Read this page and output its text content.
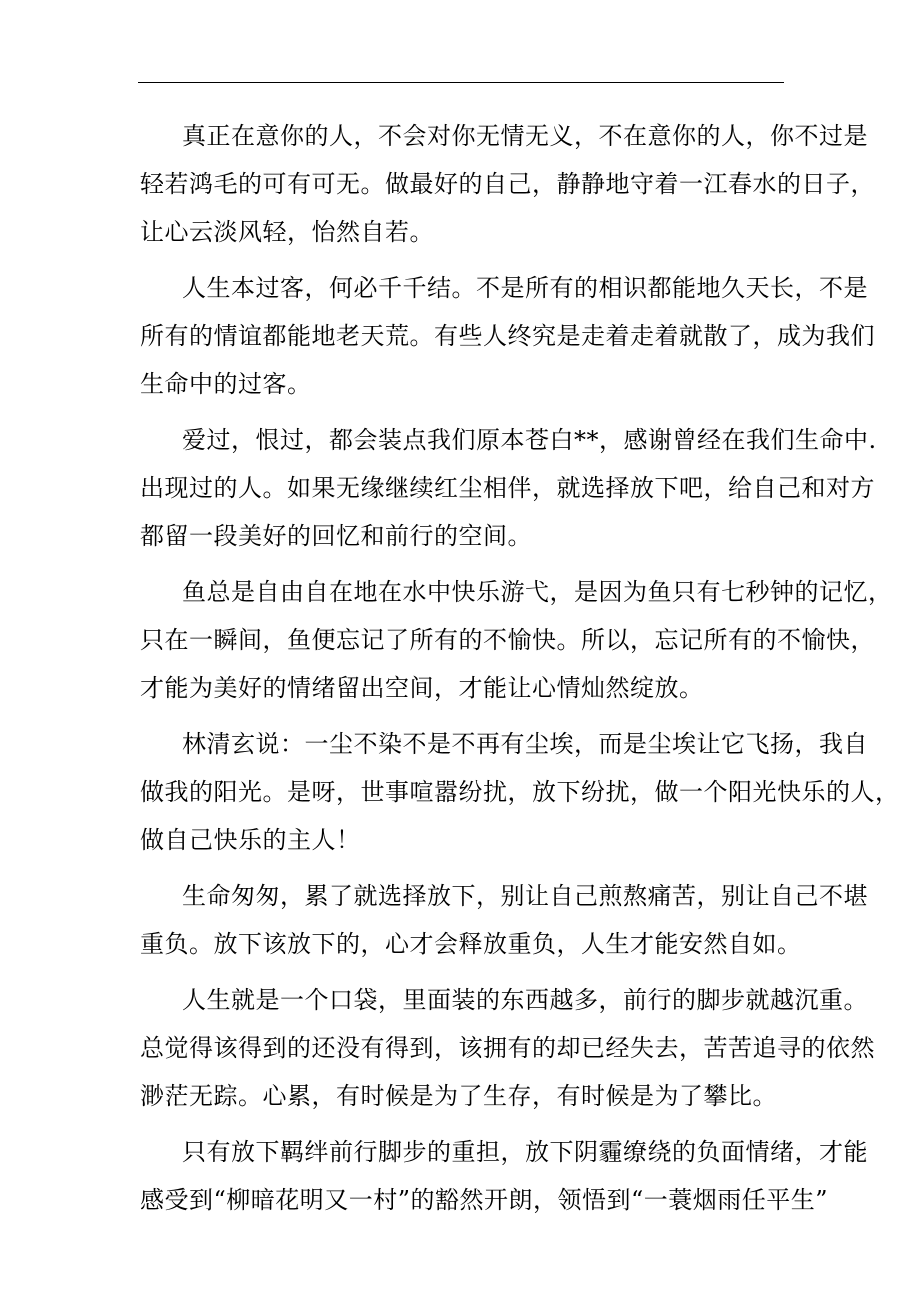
真正在意你的人，不会对你无情无义，不在意你的人，你不过是
轻若鸿毛的可有可无。做最好的自己，静静地守着一江春水的日子，
让心云淡风轻，怡然自若。

人生本过客，何必千千结。不是所有的相识都能地久天长，不是
所有的情谊都能地老天荒。有些人终究是走着走着就散了，成为我们
生命中的过客。

爱过，恨过，都会装点我们原本苍白**，感谢曾经在我们生命中.
出现过的人。如果无缘继续红尘相伴，就选择放下吧，给自己和对方
都留一段美好的回忆和前行的空间。

鱼总是自由自在地在水中快乐游弋，是因为鱼只有七秒钟的记忆，
只在一瞬间，鱼便忘记了所有的不愉快。所以，忘记所有的不愉快，
才能为美好的情绪留出空间，才能让心情灿然绽放。

林清玄说：一尘不染不是不再有尘埃，而是尘埃让它飞扬，我自
做我的阳光。是呀，世事喧嚣纷扰，放下纷扰，做一个阳光快乐的人，
做自己快乐的主人！

生命匆匆，累了就选择放下，别让自己煎熬痛苦，别让自己不堪
重负。放下该放下的，心才会释放重负，人生才能安然自如。

人生就是一个口袋，里面装的东西越多，前行的脚步就越沉重。
总觉得该得到的还没有得到，该拥有的却已经失去，苦苦追寻的依然
渺茫无踪。心累，有时候是为了生存，有时候是为了攀比。

只有放下羁绊前行脚步的重担，放下阴霾缭绕的负面情绪，才能
感受到“柳暗花明又一村”的豁然开朗，领悟到“一蓑烟雨任平生”
